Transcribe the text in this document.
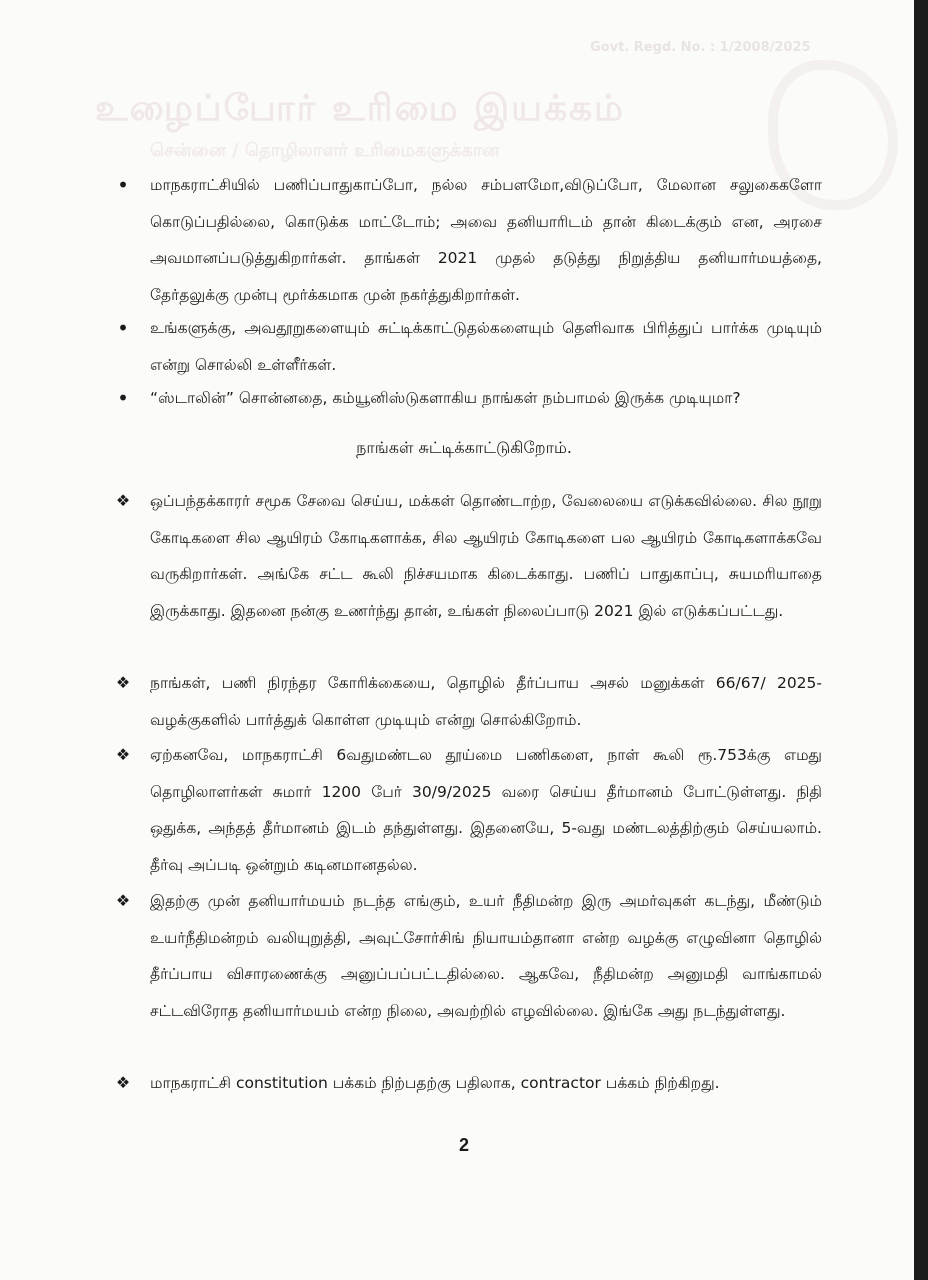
Govt. Regd. No. : 1/2008/2025
உழைப்போர் உரிமை இயக்கம்
சென்னை / தொழிலாளர் உரிமைகளுக்கான
• மாநகராட்சியில் பணிப்பாதுகாப்போ, நல்ல சம்பளமோ,விடுப்போ, மேலான சலுகைகளோ கொடுப்பதில்லை, கொடுக்க மாட்டோம்; அவை தனியாரிடம் தான் கிடைக்கும் என, அரசை அவமானப்படுத்துகிறார்கள். தாங்கள் 2021 முதல் தடுத்து நிறுத்திய தனியார்மயத்தை, தேர்தலுக்கு முன்பு மூர்க்கமாக முன் நகர்த்துகிறார்கள்.
• உங்களுக்கு, அவதூறுகளையும் சுட்டிக்காட்டுதல்களையும் தெளிவாக பிரித்துப் பார்க்க முடியும் என்று சொல்லி உள்ளீர்கள்.
• “ஸ்டாலின்” சொன்னதை, கம்யூனிஸ்டுகளாகிய நாங்கள் நம்பாமல் இருக்க முடியுமா?
நாங்கள் சுட்டிக்காட்டுகிறோம்.
❖ ஒப்பந்தக்காரர் சமூக சேவை செய்ய, மக்கள் தொண்டாற்ற, வேலையை எடுக்கவில்லை. சில நூறு கோடிகளை சில ஆயிரம் கோடிகளாக்க, சில ஆயிரம் கோடிகளை பல ஆயிரம் கோடிகளாக்கவே வருகிறார்கள். அங்கே சட்ட கூலி நிச்சயமாக கிடைக்காது. பணிப் பாதுகாப்பு, சுயமரியாதை இருக்காது. இதனை நன்கு உணர்ந்து தான், உங்கள் நிலைப்பாடு 2021 இல் எடுக்கப்பட்டது.
❖ நாங்கள், பணி நிரந்தர கோரிக்கையை, தொழில் தீர்ப்பாய அசல் மனுக்கள் 66/67/ 2025-வழக்குகளில் பார்த்துக் கொள்ள முடியும் என்று சொல்கிறோம்.
❖ ஏற்கனவே, மாநகராட்சி 6வதுமண்டல தூய்மை பணிகளை, நாள் கூலி ரூ.753க்கு எமது தொழிலாளர்கள் சுமார் 1200 பேர் 30/9/2025 வரை செய்ய தீர்மானம் போட்டுள்ளது. நிதி ஒதுக்க, அந்தத் தீர்மானம் இடம் தந்துள்ளது. இதனையே, 5-வது மண்டலத்திற்கும் செய்யலாம். தீர்வு அப்படி ஒன்றும் கடினமானதல்ல.
❖ இதற்கு முன் தனியார்மயம் நடந்த எங்கும், உயர் நீதிமன்ற இரு அமர்வுகள் கடந்து, மீண்டும் உயர்நீதிமன்றம் வலியுறுத்தி, அவுட்சோர்சிங் நியாயம்தானா என்ற வழக்கு எழுவினா தொழில் தீர்ப்பாய விசாரணைக்கு அனுப்பப்பட்டதில்லை. ஆகவே, நீதிமன்ற அனுமதி வாங்காமல் சட்டவிரோத தனியார்மயம் என்ற நிலை, அவற்றில் எழவில்லை. இங்கே அது நடந்துள்ளது.
❖ மாநகராட்சி constitution பக்கம் நிற்பதற்கு பதிலாக, contractor பக்கம் நிற்கிறது.
2
